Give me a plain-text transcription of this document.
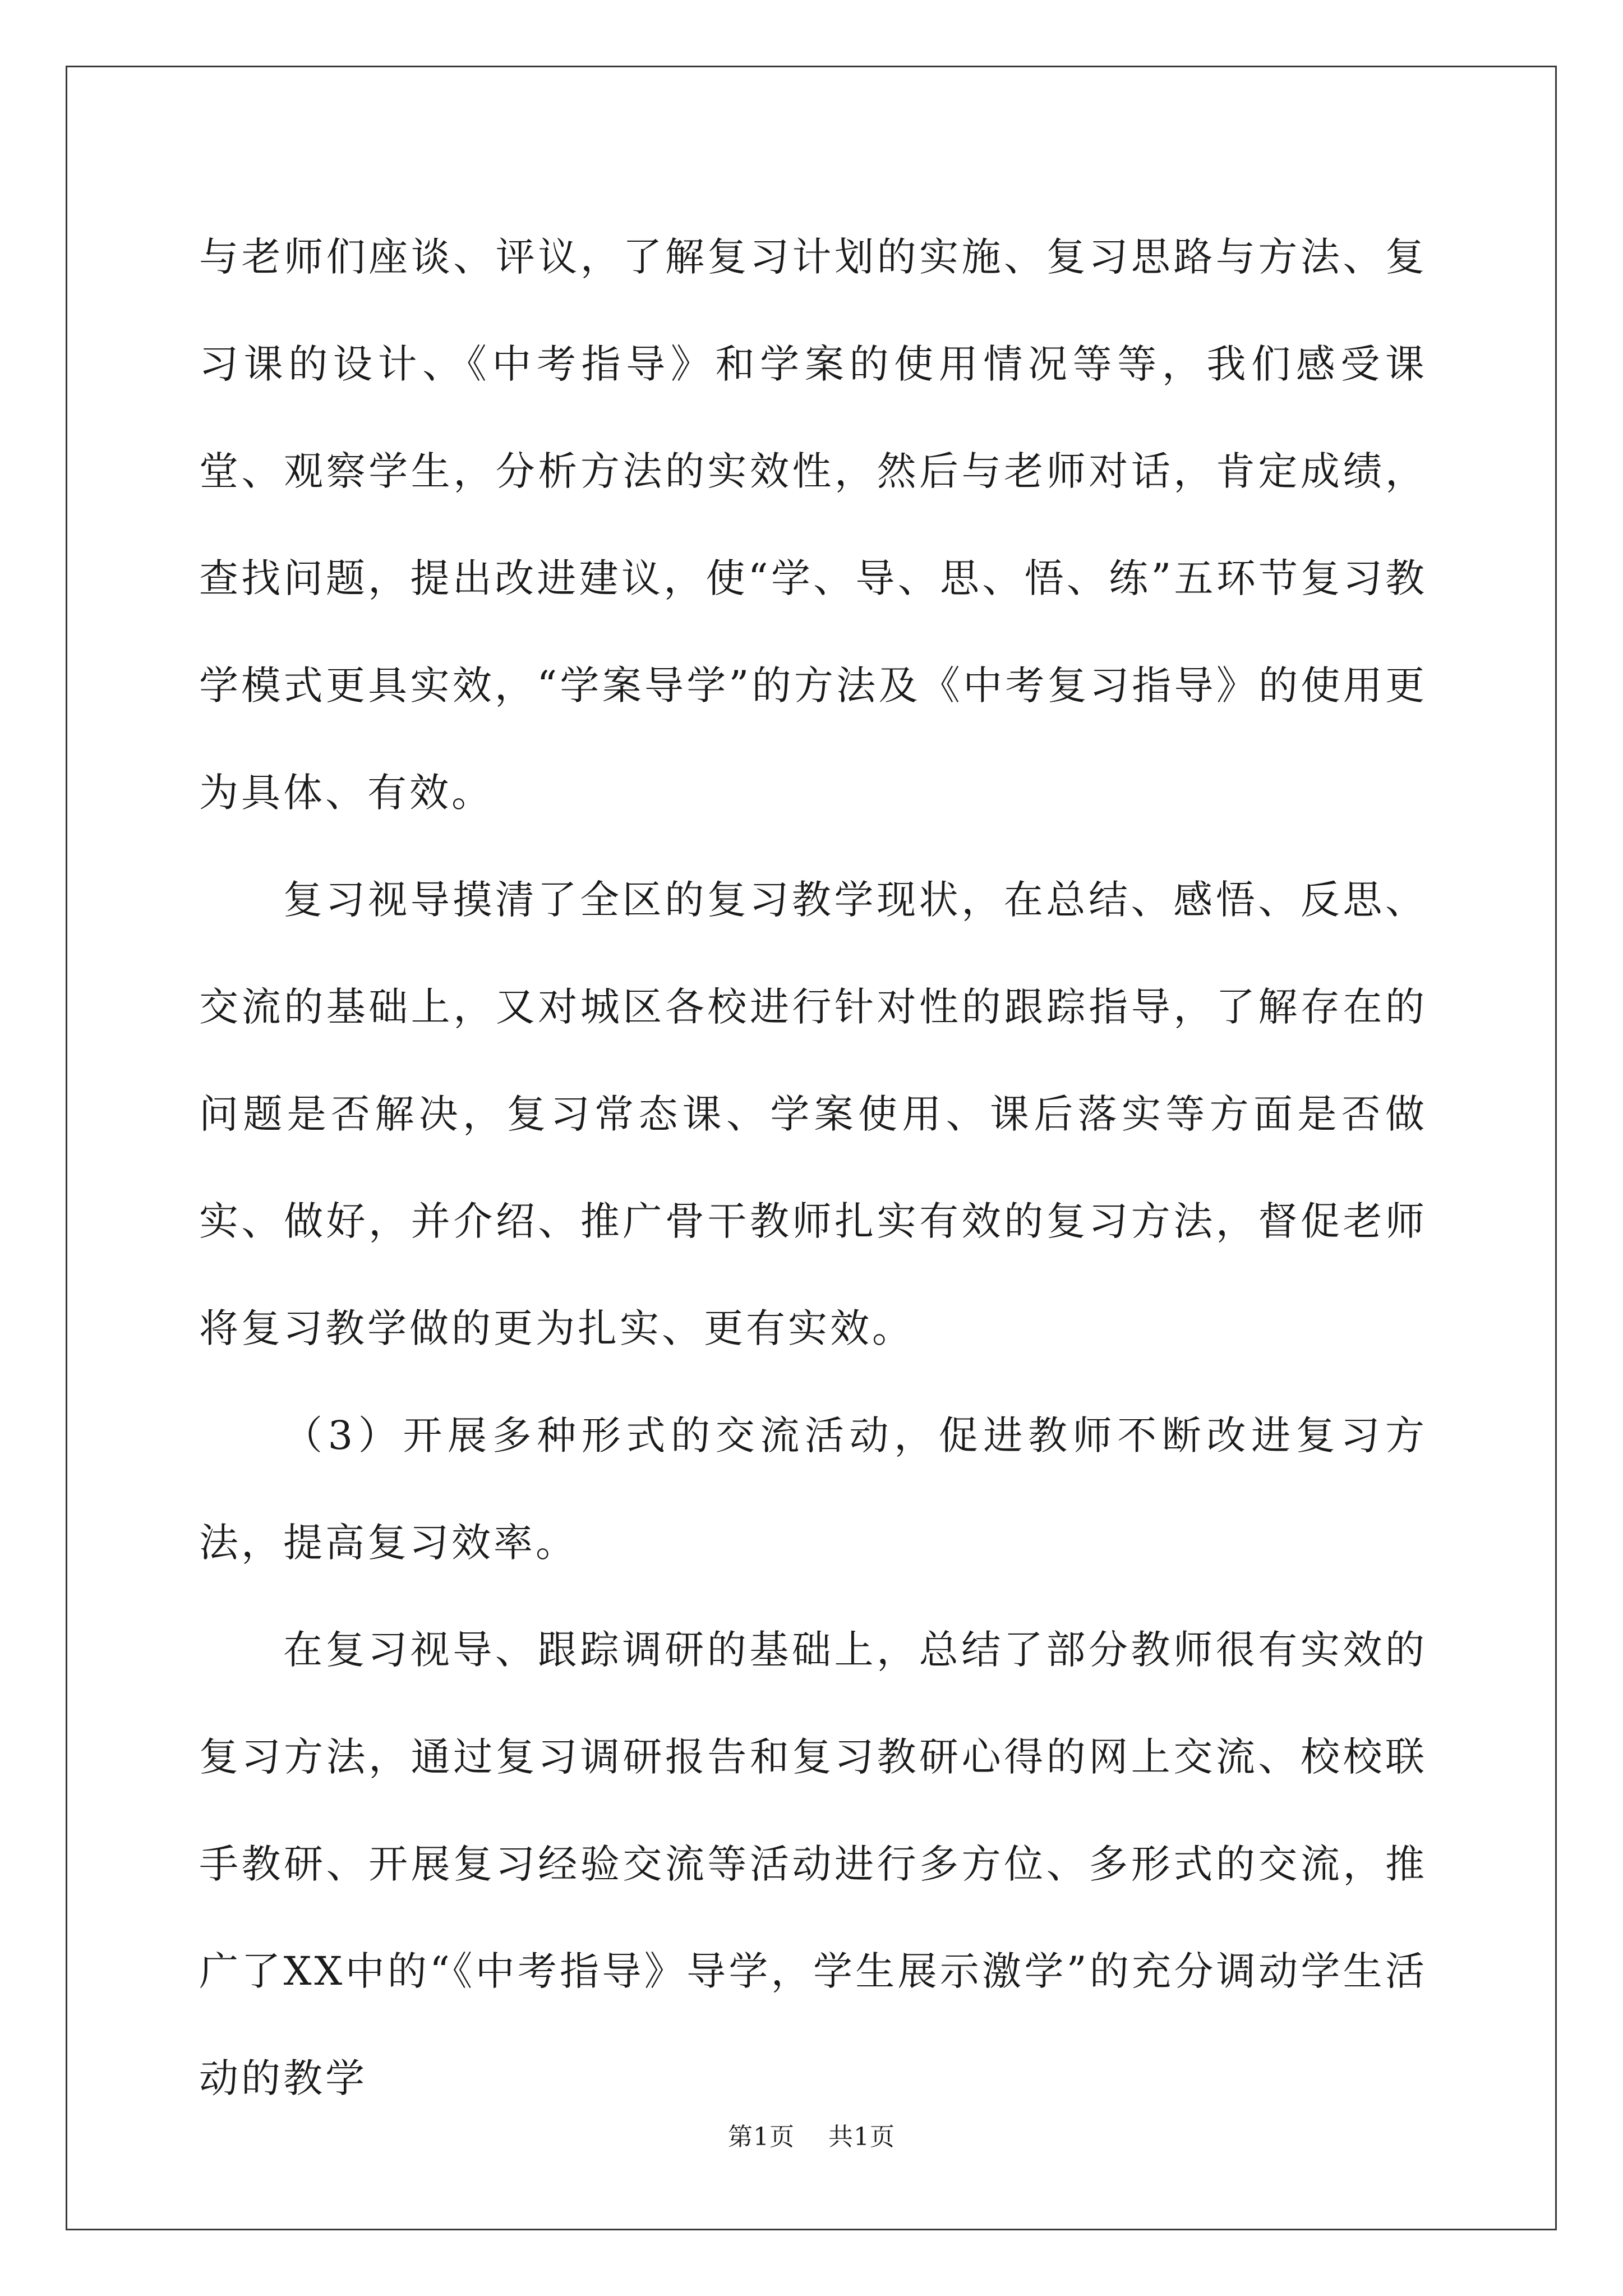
与老师们座谈、评议，了解复习计划的实施、复习思路与方法、复习课的设计、《中考指导》和学案的使用情况等等，我们感受课堂、观察学生，分析方法的实效性，然后与老师对话，肯定成绩，查找问题，提出改进建议，使“学、导、思、悟、练”五环节复习教学模式更具实效，“学案导学”的方法及《中考复习指导》的使用更为具体、有效。

复习视导摸清了全区的复习教学现状，在总结、感悟、反思、交流的基础上，又对城区各校进行针对性的跟踪指导，了解存在的问题是否解决，复习常态课、学案使用、课后落实等方面是否做实、做好，并介绍、推广骨干教师扎实有效的复习方法，督促老师将复习教学做的更为扎实、更有实效。

（3）开展多种形式的交流活动，促进教师不断改进复习方法，提高复习效率。

在复习视导、跟踪调研的基础上，总结了部分教师很有实效的复习方法，通过复习调研报告和复习教研心得的网上交流、校校联手教研、开展复习经验交流等活动进行多方位、多形式的交流，推广了XX中的“《中考指导》导学，学生展示激学”的充分调动学生活动的教学

第1页 共1页
